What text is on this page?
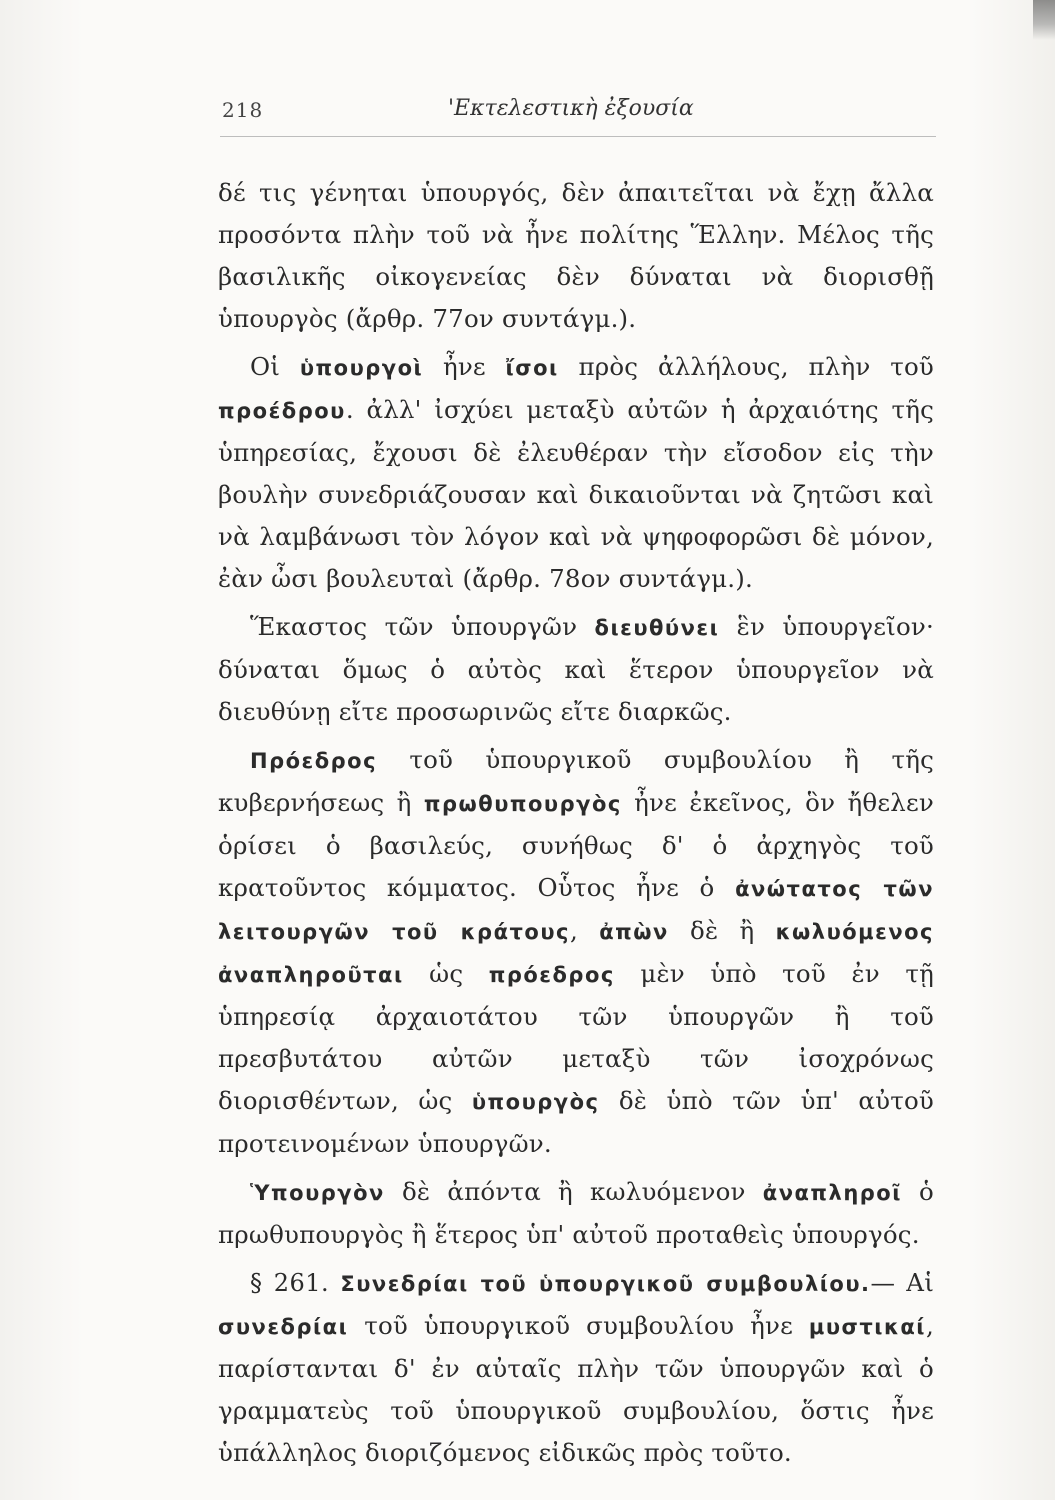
218	'Εκτελεστικὴ ἐξουσία

δέ τις γένηται ὑπουργός, δὲν ἀπαιτεῖται νὰ ἔχῃ ἄλλα προσόντα πλὴν τοῦ νὰ ἦνε πολίτης Ἕλλην. Μέλος τῆς βασιλικῆς οἰκογενείας δὲν δύναται νὰ διορισθῇ ὑπουργὸς (ἄρθρ. 77ον συντάγμ.).

Οἱ ὑπουργοὶ ἦνε ἴσοι πρὸς ἀλλήλους, πλὴν τοῦ προέδρου. ἀλλ' ἰσχύει μεταξὺ αὐτῶν ἡ ἀρχαιότης τῆς ὑπηρεσίας, ἔχουσι δὲ ἐλευθέραν τὴν εἴσοδον εἰς τὴν βουλὴν συνεδριάζουσαν καὶ δικαιοῦνται νὰ ζητῶσι καὶ νὰ λαμβάνωσι τὸν λόγον καὶ νὰ ψηφοφορῶσι δὲ μόνον, ἐὰν ὦσι βουλευταὶ (ἄρθρ. 78ον συντάγμ.).

Ἕκαστος τῶν ὑπουργῶν διευθύνει ἓν ὑπουργεῖον· δύναται ὅμως ὁ αὐτὸς καὶ ἕτερον ὑπουργεῖον νὰ διευθύνῃ εἴτε προσωρινῶς εἴτε διαρκῶς.

Πρόεδρος τοῦ ὑπουργικοῦ συμβουλίου ἢ τῆς κυβερνήσεως ἢ πρωθυπουργὸς ἦνε ἐκεῖνος, ὃν ἤθελεν ὁρίσει ὁ βασιλεύς, συνήθως δ' ὁ ἀρχηγὸς τοῦ κρατοῦντος κόμματος. Οὗτος ἦνε ὁ ἀνώτατος τῶν λειτουργῶν τοῦ κράτους, ἀπὼν δὲ ἢ κωλυόμενος ἀναπληροῦται ὡς πρόεδρος μὲν ὑπὸ τοῦ ἐν τῇ ὑπηρεσίᾳ ἀρχαιοτάτου τῶν ὑπουργῶν ἢ τοῦ πρεσβυτάτου αὐτῶν μεταξὺ τῶν ἰσοχρόνως διορισθέντων, ὡς ὑπουργὸς δὲ ὑπὸ τῶν ὑπ' αὐτοῦ προτεινομένων ὑπουργῶν.

Ὑπουργὸν δὲ ἀπόντα ἢ κωλυόμενον ἀναπληροῖ ὁ πρωθυπουργὸς ἢ ἕτερος ὑπ' αὐτοῦ προταθεὶς ὑπουργός.

§ 261. Συνεδρίαι τοῦ ὑπουργικοῦ συμβουλίου.— Αἱ συνεδρίαι τοῦ ὑπουργικοῦ συμβουλίου ἦνε μυστικαί, παρίστανται δ' ἐν αὐταῖς πλὴν τῶν ὑπουργῶν καὶ ὁ γραμματεὺς τοῦ ὑπουργικοῦ συμβουλίου, ὅστις ἦνε ὑπάλληλος διοριζόμενος εἰδικῶς πρὸς τοῦτο.
